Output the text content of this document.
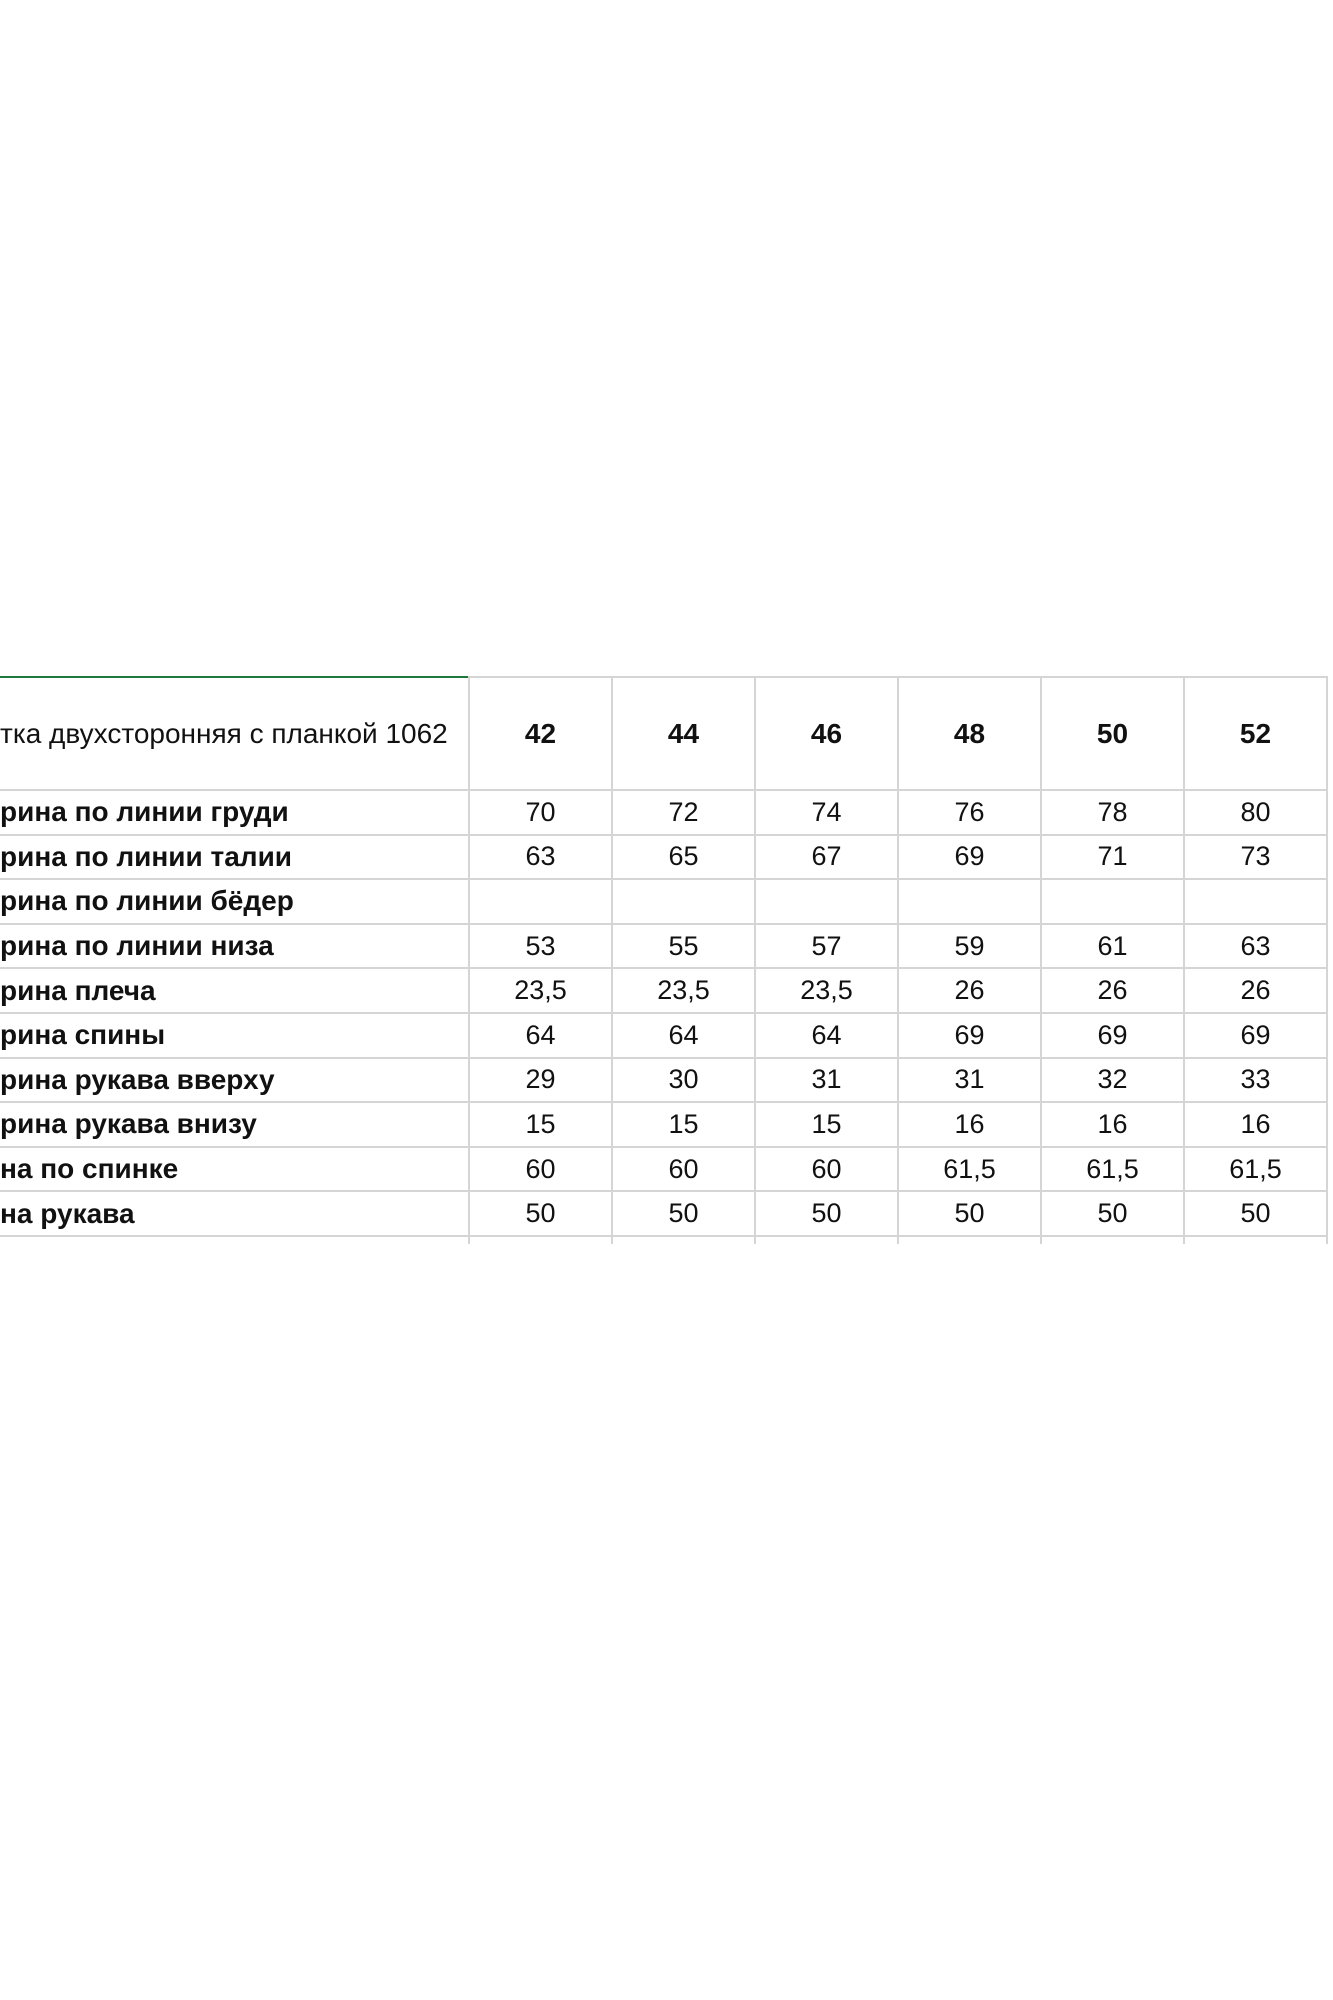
тка двухсторонняя с планкой 1062	42	44	46	48	50	52
рина по линии груди	70	72	74	76	78	80
рина по линии талии	63	65	67	69	71	73
рина по линии бёдер
рина по линии низа	53	55	57	59	61	63
рина плеча	23,5	23,5	23,5	26	26	26
рина спины	64	64	64	69	69	69
рина рукава вверху	29	30	31	31	32	33
рина рукава внизу	15	15	15	16	16	16
на по спинке	60	60	60	61,5	61,5	61,5
на рукава	50	50	50	50	50	50
